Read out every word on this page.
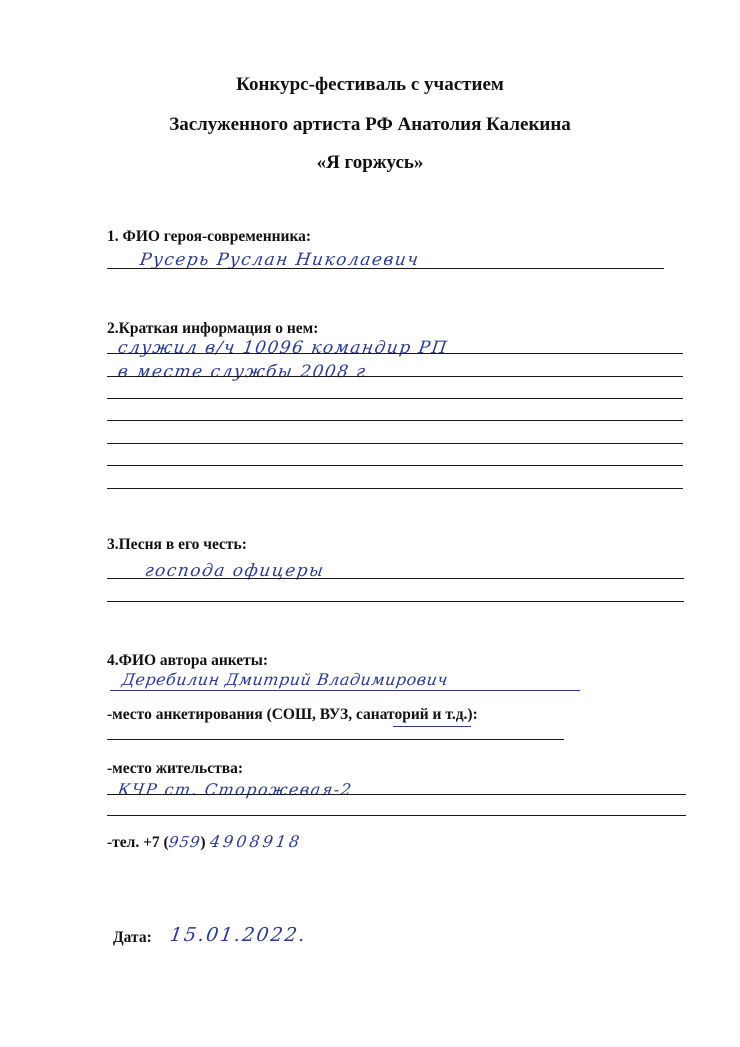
Конкурс-фестиваль с участием
Заслуженного артиста РФ Анатолия Калекина
«Я горжусь»
1. ФИО героя-современника:
Русерь Руслан Николаевич
2.Краткая информация о нем:
служил в/ч 10096 командир РП
в месте службы 2008 г
3.Песня в его честь:
господа офицеры
4.ФИО автора анкеты:
Деребилин Дмитрий Владимирович
-место анкетирования (СОШ, ВУЗ, санаторий и т.д.):
-место жительства:
КЧР ст. Сторожевая-2
-тел. +7 (959) 4908918
Дата: 15.01.2022.
